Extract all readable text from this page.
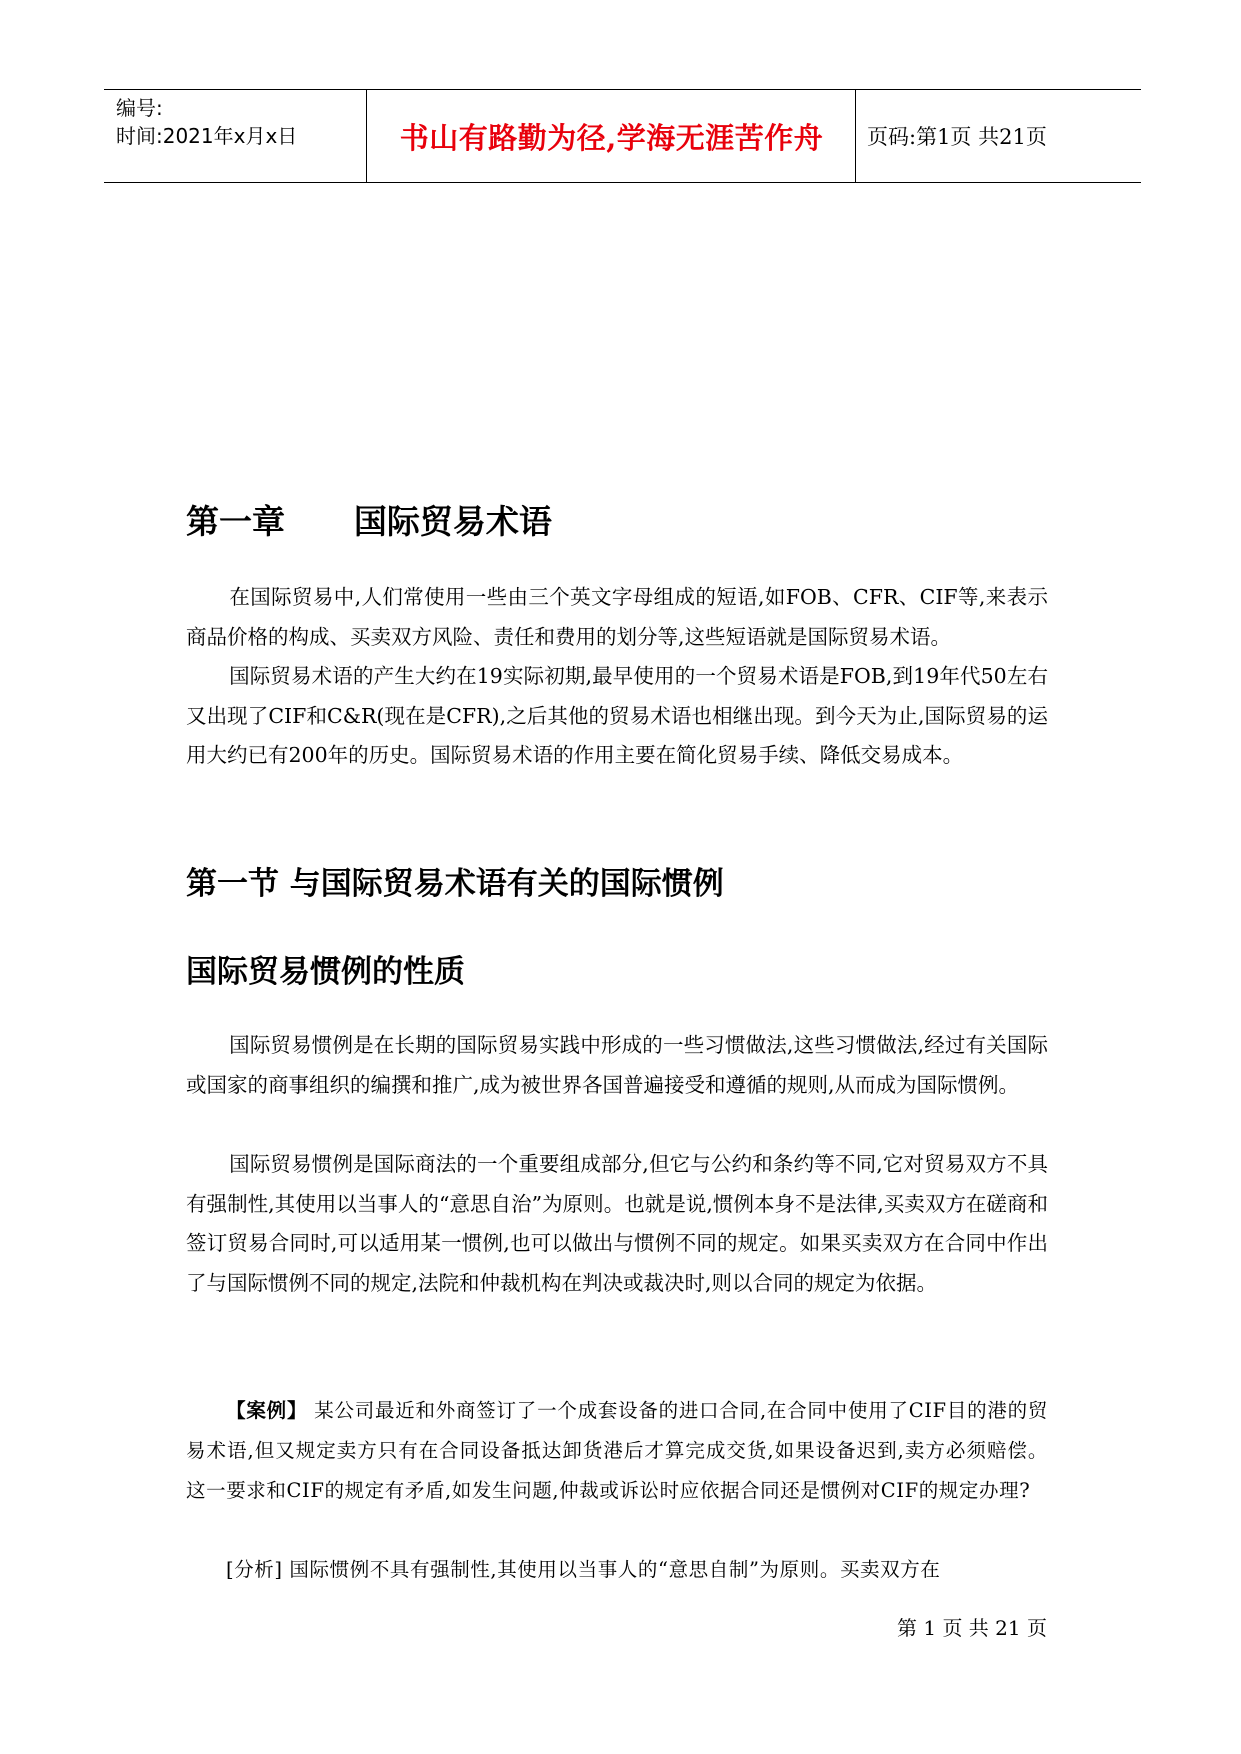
编号:
时间:2021年x月x日	书山有路勤为径,学海无涯苦作舟	页码:第1页 共21页
第一章      国际贸易术语
在国际贸易中,人们常使用一些由三个英文字母组成的短语,如FOB、CFR、CIF等,来表示商品价格的构成、买卖双方风险、责任和费用的划分等,这些短语就是国际贸易术语。
国际贸易术语的产生大约在19实际初期,最早使用的一个贸易术语是FOB,到19年代50左右又出现了CIF和C&R(现在是CFR),之后其他的贸易术语也相继出现。到今天为止,国际贸易的运用大约已有200年的历史。国际贸易术语的作用主要在简化贸易手续、降低交易成本。
第一节 与国际贸易术语有关的国际惯例
国际贸易惯例的性质
国际贸易惯例是在长期的国际贸易实践中形成的一些习惯做法,这些习惯做法,经过有关国际或国家的商事组织的编撰和推广,成为被世界各国普遍接受和遵循的规则,从而成为国际惯例。
国际贸易惯例是国际商法的一个重要组成部分,但它与公约和条约等不同,它对贸易双方不具有强制性,其使用以当事人的“意思自治”为原则。也就是说,惯例本身不是法律,买卖双方在磋商和签订贸易合同时,可以适用某一惯例,也可以做出与惯例不同的规定。如果买卖双方在合同中作出了与国际惯例不同的规定,法院和仲裁机构在判决或裁决时,则以合同的规定为依据。
【案例】 某公司最近和外商签订了一个成套设备的进口合同,在合同中使用了CIF目的港的贸易术语,但又规定卖方只有在合同设备抵达卸货港后才算完成交货,如果设备迟到,卖方必须赔偿。这一要求和CIF的规定有矛盾,如发生问题,仲裁或诉讼时应依据合同还是惯例对CIF的规定办理?
[分析] 国际惯例不具有强制性,其使用以当事人的“意思自制”为原则。买卖双方在
第 1 页 共 21 页
